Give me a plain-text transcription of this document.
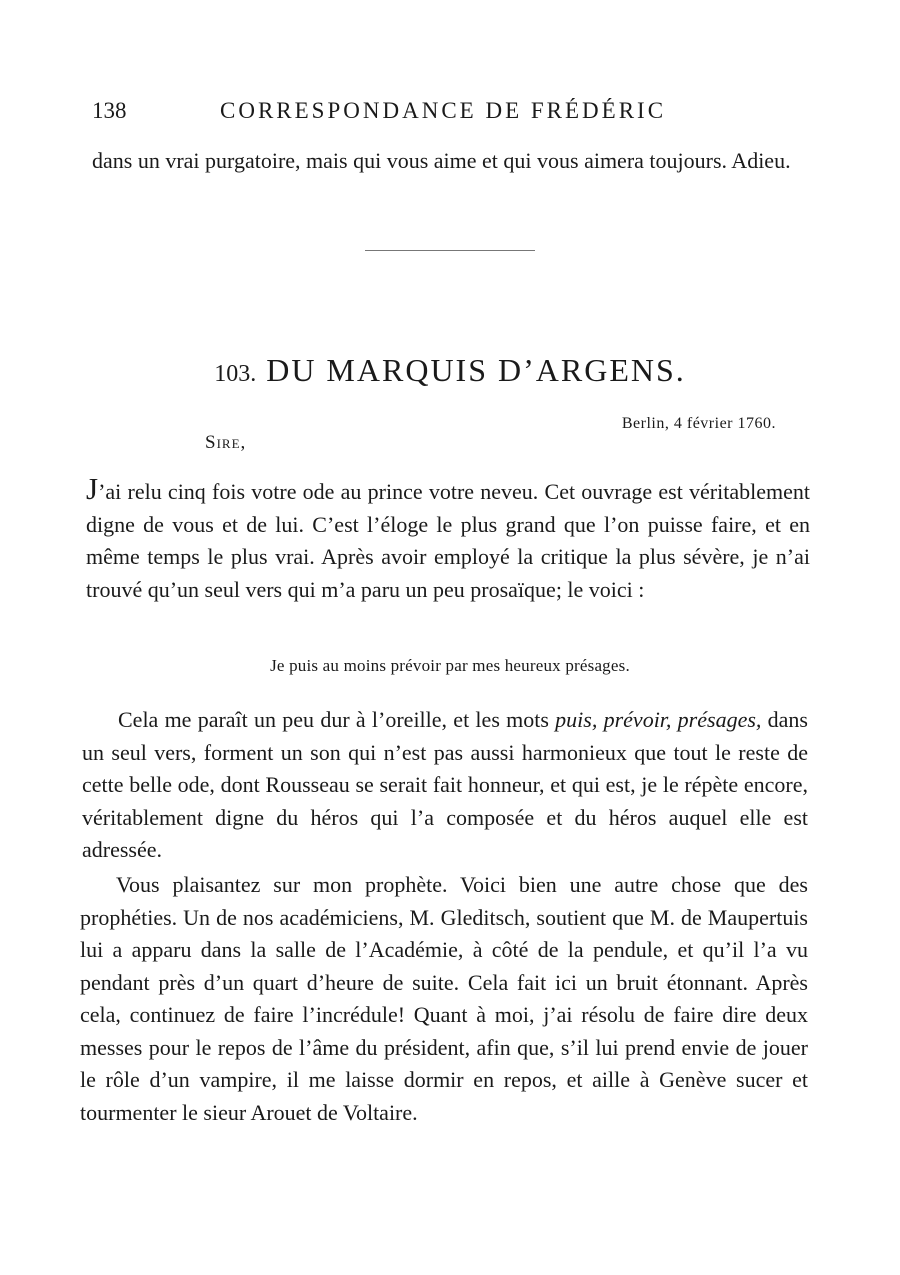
138	CORRESPONDANCE DE FRÉDÉRIC
dans un vrai purgatoire, mais qui vous aime et qui vous aimera toujours. Adieu.
103. DU MARQUIS D’ARGENS.
Berlin, 4 février 1760.
Sire,
J’ai relu cinq fois votre ode au prince votre neveu. Cet ouvrage est véritablement digne de vous et de lui. C’est l’éloge le plus grand que l’on puisse faire, et en même temps le plus vrai. Après avoir employé la critique la plus sévère, je n’ai trouvé qu’un seul vers qui m’a paru un peu prosaïque; le voici :
Je puis au moins prévoir par mes heureux présages.
Cela me paraît un peu dur à l’oreille, et les mots puis, prévoir, présages, dans un seul vers, forment un son qui n’est pas aussi harmonieux que tout le reste de cette belle ode, dont Rousseau se serait fait honneur, et qui est, je le répète encore, véritablement digne du héros qui l’a composée et du héros auquel elle est adressée.
Vous plaisantez sur mon prophète. Voici bien une autre chose que des prophéties. Un de nos académiciens, M. Gleditsch, soutient que M. de Maupertuis lui a apparu dans la salle de l’Académie, à côté de la pendule, et qu’il l’a vu pendant près d’un quart d’heure de suite. Cela fait ici un bruit étonnant. Après cela, continuez de faire l’incrédule! Quant à moi, j’ai résolu de faire dire deux messes pour le repos de l’âme du président, afin que, s’il lui prend envie de jouer le rôle d’un vampire, il me laisse dormir en repos, et aille à Genève sucer et tourmenter le sieur Arouet de Voltaire.
